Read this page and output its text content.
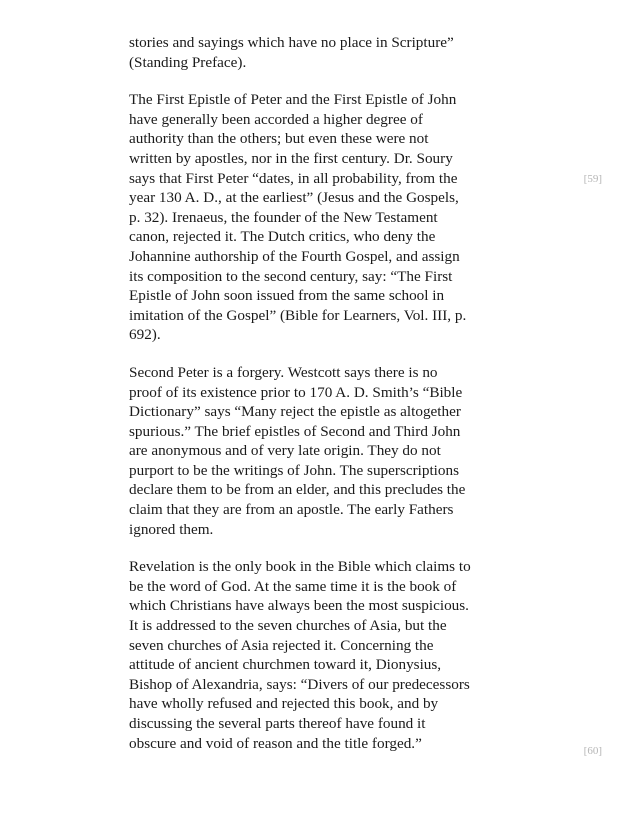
stories and sayings which have no place in Scripture”
(Standing Preface).

The First Epistle of Peter and the First Epistle of John
have generally been accorded a higher degree of
authority than the others; but even these were not
written by apostles, nor in the first century. Dr. Soury
says that First Peter “dates, in all probability, from the
year 130 A. D., at the earliest” (Jesus and the Gospels,
p. 32). Irenaeus, the founder of the New Testament
canon, rejected it. The Dutch critics, who deny the
Johannine authorship of the Fourth Gospel, and assign
its composition to the second century, say: “The First
Epistle of John soon issued from the same school in
imitation of the Gospel” (Bible for Learners, Vol. III, p.
692).

Second Peter is a forgery. Westcott says there is no
proof of its existence prior to 170 A. D. Smith’s “Bible
Dictionary” says “Many reject the epistle as altogether
spurious.” The brief epistles of Second and Third John
are anonymous and of very late origin. They do not
purport to be the writings of John. The superscriptions
declare them to be from an elder, and this precludes the
claim that they are from an apostle. The early Fathers
ignored them.

Revelation is the only book in the Bible which claims to
be the word of God. At the same time it is the book of
which Christians have always been the most suspicious.
It is addressed to the seven churches of Asia, but the
seven churches of Asia rejected it. Concerning the
attitude of ancient churchmen toward it, Dionysius,
Bishop of Alexandria, says: “Divers of our predecessors
have wholly refused and rejected this book, and by
discussing the several parts thereof have found it
obscure and void of reason and the title forged.”

[59]
[60]
